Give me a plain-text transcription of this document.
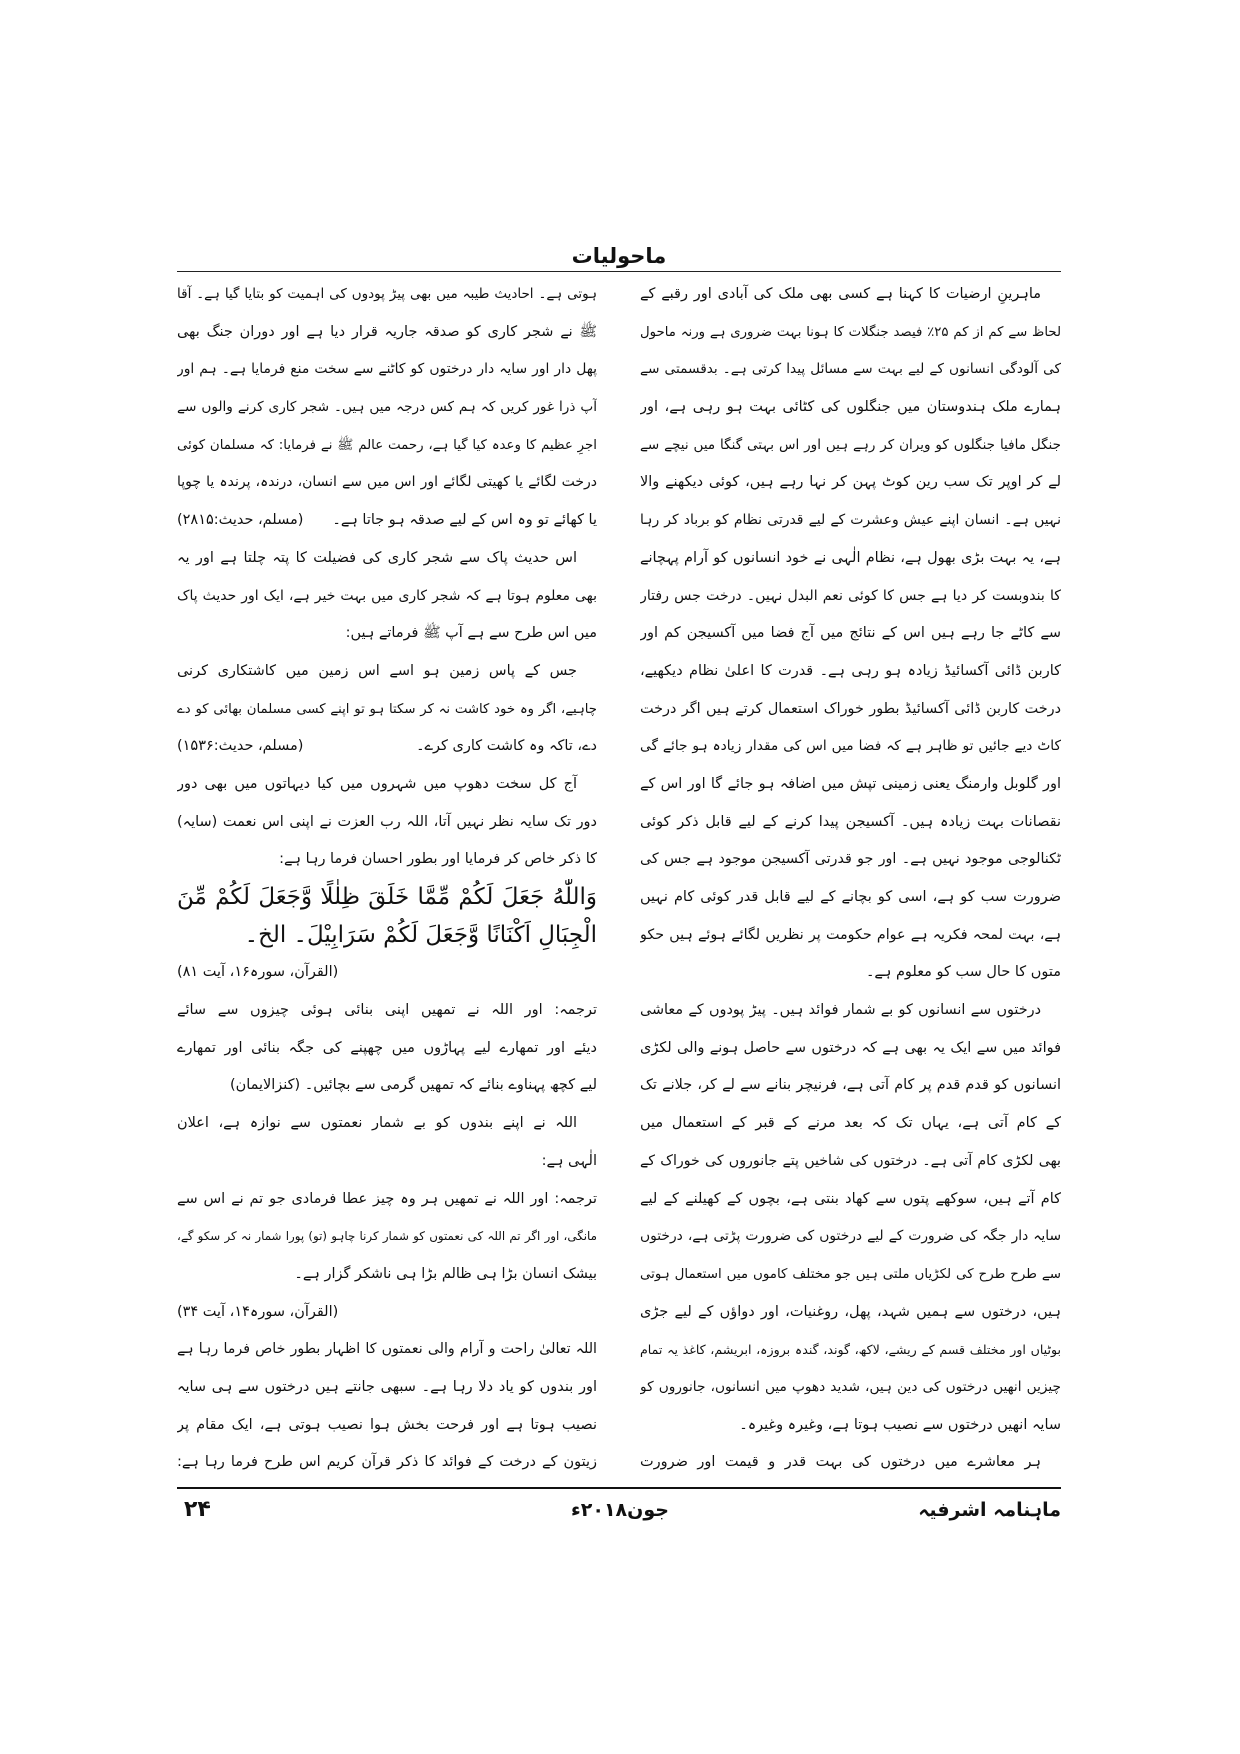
ماحولیات
ماہرینِ ارضیات کا کہنا ہے کسی بھی ملک کی آبادی اور رقبے کے
لحاظ سے کم از کم ۲۵٪ فیصد جنگلات کا ہونا بہت ضروری ہے ورنہ ماحول
کی آلودگی انسانوں کے لیے بہت سے مسائل پیدا کرتی ہے۔ بدقسمتی سے
ہمارے ملک ہندوستان میں جنگلوں کی کٹائی بہت ہو رہی ہے، اور
جنگل مافیا جنگلوں کو ویران کر رہے ہیں اور اس بہتی گنگا میں نیچے سے
لے کر اوپر تک سب رین کوٹ پہن کر نہا رہے ہیں، کوئی دیکھنے والا
نہیں ہے۔ انسان اپنے عیش وعشرت کے لیے قدرتی نظام کو برباد کر رہا
ہے، یہ بہت بڑی بھول ہے، نظام الٰہی نے خود انسانوں کو آرام پہچانے
کا بندوبست کر دیا ہے جس کا کوئی نعم البدل نہیں۔ درخت جس رفتار
سے کاٹے جا رہے ہیں اس کے نتائج میں آج فضا میں آکسیجن کم اور
کاربن ڈائی آکسائیڈ زیادہ ہو رہی ہے۔ قدرت کا اعلیٰ نظام دیکھیے،
درخت کاربن ڈائی آکسائیڈ بطور خوراک استعمال کرتے ہیں اگر درخت
کاٹ دیے جائیں تو ظاہر ہے کہ فضا میں اس کی مقدار زیادہ ہو جائے گی
اور گلوبل وارمنگ یعنی زمینی تپش میں اضافہ ہو جائے گا اور اس کے
نقصانات بہت زیادہ ہیں۔ آکسیجن پیدا کرنے کے لیے قابل ذکر کوئی
ٹکنالوجی موجود نہیں ہے۔ اور جو قدرتی آکسیجن موجود ہے جس کی
ضرورت سب کو ہے، اسی کو بچانے کے لیے قابل قدر کوئی کام نہیں
ہے، بہت لمحہ فکریہ ہے عوام حکومت پر نظریں لگائے ہوئے ہیں حکو
متوں کا حال سب کو معلوم ہے۔
درختوں سے انسانوں کو بے شمار فوائد ہیں۔ پیڑ پودوں کے معاشی
فوائد میں سے ایک یہ بھی ہے کہ درختوں سے حاصل ہونے والی لکڑی
انسانوں کو قدم قدم پر کام آتی ہے، فرنیچر بنانے سے لے کر، جلانے تک
کے کام آتی ہے، یہاں تک کہ بعد مرنے کے قبر کے استعمال میں
بھی لکڑی کام آتی ہے۔ درختوں کی شاخیں پتے جانوروں کی خوراک کے
کام آتے ہیں، سوکھے پتوں سے کھاد بنتی ہے، بچوں کے کھیلنے کے لیے
سایہ دار جگہ کی ضرورت کے لیے درختوں کی ضرورت پڑتی ہے، درختوں
سے طرح طرح کی لکڑیاں ملتی ہیں جو مختلف کاموں میں استعمال ہوتی
ہیں، درختوں سے ہمیں شہد، پھل، روغنیات، اور دواؤں کے لیے جڑی
بوٹیاں اور مختلف قسم کے ریشے، لاکھ، گوند، گندہ بروزہ، ابریشم، کاغذ یہ تمام
چیزیں انھیں درختوں کی دین ہیں، شدید دھوپ میں انسانوں، جانوروں کو
سایہ انھیں درختوں سے نصیب ہوتا ہے، وغیرہ وغیرہ۔
ہر معاشرے میں درختوں کی بہت قدر و قیمت اور ضرورت
ہوتی ہے۔ احادیث طیبہ میں بھی پیڑ پودوں کی اہمیت کو بتایا گیا ہے۔ آقا
ﷺ نے شجر کاری کو صدقہ جاریہ قرار دیا ہے اور دوران جنگ بھی
پھل دار اور سایہ دار درختوں کو کاٹنے سے سخت منع فرمایا ہے۔ ہم اور
آپ ذرا غور کریں کہ ہم کس درجہ میں ہیں۔ شجر کاری کرنے والوں سے
اجرِ عظیم کا وعدہ کیا گیا ہے، رحمت عالم ﷺ نے فرمایا: کہ مسلمان کوئی
درخت لگائے یا کھیتی لگائے اور اس میں سے انسان، درندہ، پرندہ یا چوپا
یا کھائے تو وہ اس کے لیے صدقہ ہو جاتا ہے۔
(مسلم، حدیث:۲۸۱۵)
اس حدیث پاک سے شجر کاری کی فضیلت کا پتہ چلتا ہے اور یہ
بھی معلوم ہوتا ہے کہ شجر کاری میں بہت خیر ہے، ایک اور حدیث پاک
میں اس طرح سے ہے آپ ﷺ فرماتے ہیں:
جس کے پاس زمین ہو اسے اس زمین میں کاشتکاری کرنی
چاہیے، اگر وہ خود کاشت نہ کر سکتا ہو تو اپنے کسی مسلمان بھائی کو دے
دے، تاکہ وہ کاشت کاری کرے۔
(مسلم، حدیث:۱۵۳۶)
آج کل سخت دھوپ میں شہروں میں کیا دیہاتوں میں بھی دور
دور تک سایہ نظر نہیں آتا، اللہ رب العزت نے اپنی اس نعمت (سایہ)
کا ذکر خاص کر فرمایا اور بطور احسان فرما رہا ہے:
وَاللّٰهُ جَعَلَ لَكُمْ مِّمَّا خَلَقَ ظِلٰلًا وَّجَعَلَ لَكُمْ مِّنَ
الْجِبَالِ اَكْنَانًا وَّجَعَلَ لَكُمْ سَرَابِيْلَ۔ الخ۔
(القرآن، سورہ۱۶، آیت ۸۱)
ترجمہ: اور اللہ نے تمھیں اپنی بنائی ہوئی چیزوں سے سائے
دیئے اور تمھارے لیے پہاڑوں میں چھپنے کی جگہ بنائی اور تمھارے
لیے کچھ پہناوے بنائے کہ تمھیں گرمی سے بچائیں۔ (کنزالایمان)
اللہ نے اپنے بندوں کو بے شمار نعمتوں سے نوازہ ہے، اعلان
الٰہی ہے:
ترجمہ: اور اللہ نے تمھیں ہر وہ چیز عطا فرمادی جو تم نے اس سے
مانگی، اور اگر تم اللہ کی نعمتوں کو شمار کرنا چاہو (تو) پورا شمار نہ کر سکو گے،
بیشک انسان بڑا ہی ظالم بڑا ہی ناشکر گزار ہے۔
(القرآن، سورہ۱۴، آیت ۳۴)
اللہ تعالیٰ راحت و آرام والی نعمتوں کا اظہار بطور خاص فرما رہا ہے
اور بندوں کو یاد دلا رہا ہے۔ سبھی جانتے ہیں درختوں سے ہی سایہ
نصیب ہوتا ہے اور فرحت بخش ہوا نصیب ہوتی ہے، ایک مقام پر
زیتون کے درخت کے فوائد کا ذکر قرآن کریم اس طرح فرما رہا ہے:
ماہنامہ اشرفیہ
جون۲۰۱۸ء
۲۴
